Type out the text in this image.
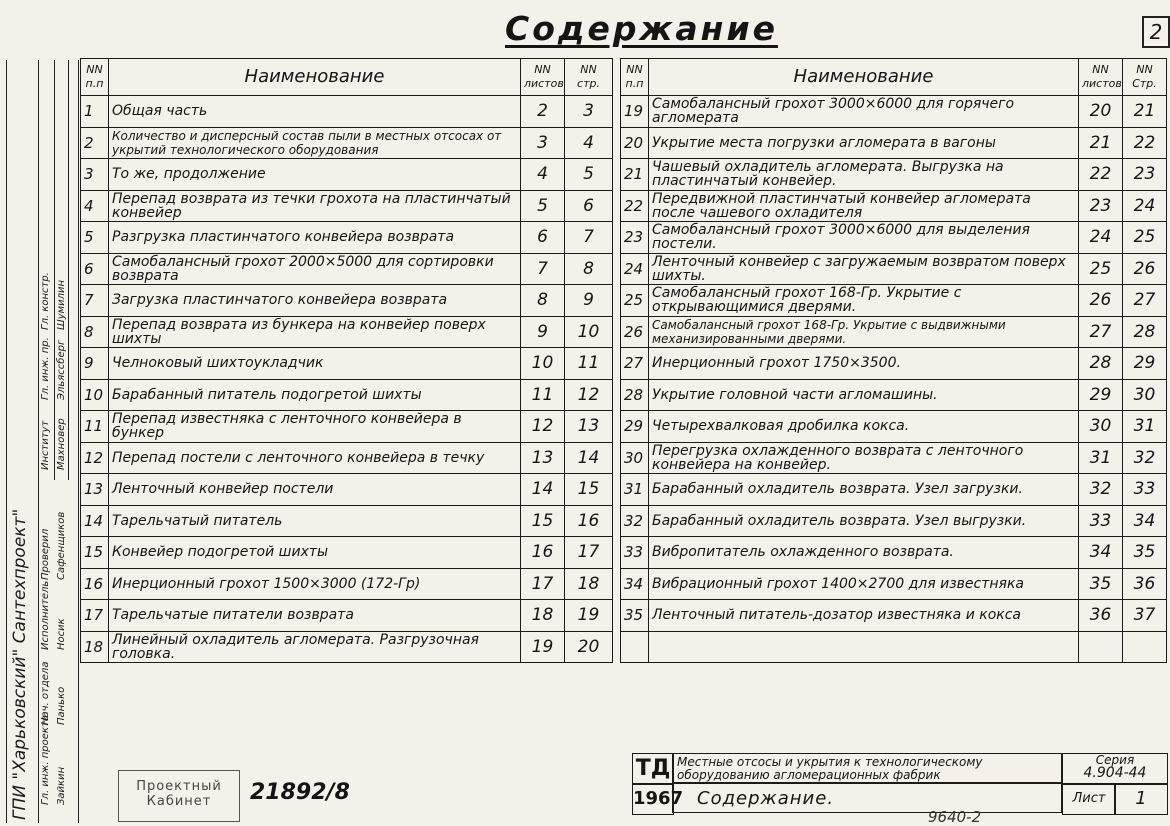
Содержание	2
ГПИ "Харьковский" Сантехпроект" Гл. инж. проекта
Нач. отдела
Исполнитель
Проверил
Зайкин
Панько
Носик
Сафенщиков
Институт
Гл. инж. пр.
Гл. констр.
Махновер
Эльяссберг
Шумилин
NN п.п	Наименование	NN листов	NN стр.
1	Общая часть	2	3
2	Количество и дисперсный состав пыли в местных отсосах от укрытий технологического оборудования	3	4
3	То же, продолжение	4	5
4	Перепад возврата из течки грохота на пластинчатый конвейер	5	6
5	Разгрузка пластинчатого конвейера возврата	6	7
6	Самобалансный грохот 2000×5000 для сортировки возврата	7	8
7	Загрузка пластинчатого конвейера возврата	8	9
8	Перепад возврата из бункера на конвейер поверх шихты	9	10
9	Челноковый шихтоукладчик	10	11
10	Барабанный питатель подогретой шихты	11	12
11	Перепад известняка с ленточного конвейера в бункер	12	13
12	Перепад постели с ленточного конвейера в течку	13	14
13	Ленточный конвейер постели	14	15
14	Тарельчатый питатель	15	16
15	Конвейер подогретой шихты	16	17
16	Инерционный грохот 1500×3000 (172-Гр)	17	18
17	Тарельчатые питатели возврата	18	19
18	Линейный охладитель агломерата. Разгрузочная головка.	19	20
NN п.п	Наименование	NN листов	NN Стр.
19	Самобалансный грохот 3000×6000 для горячего агломерата	20	21
20	Укрытие места погрузки агломерата в вагоны	21	22
21	Чашевый охладитель агломерата. Выгрузка на пластинчатый конвейер.	22	23
22	Передвижной пластинчатый конвейер агломерата после чашевого охладителя	23	24
23	Самобалансный грохот 3000×6000 для выделения постели.	24	25
24	Ленточный конвейер с загружаемым возвратом поверх шихты.	25	26
25	Самобалансный грохот 168-Гр. Укрытие с открывающимися дверями.	26	27
26	Самобалансный грохот 168-Гр. Укрытие с выдвижными механизированными дверями.	27	28
27	Инерционный грохот 1750×3500.	28	29
28	Укрытие головной части агломашины.	29	30
29	Четырехвалковая дробилка кокса.	30	31
30	Перегрузка охлажденного возврата с ленточного конвейера на конвейер.	31	32
31	Барабанный охладитель возврата. Узел загрузки.	32	33
32	Барабанный охладитель возврата. Узел выгрузки.	33	34
33	Вибропитатель охлажденного возврата.	34	35
34	Вибрационный грохот 1400×2700 для известняка	35	36
35	Ленточный питатель-дозатор известняка и кокса	36	37

ТД Местные отсосы и укрытия к технологическому оборудованию агломерационных фабрик
Серия
4.904-44
1967 Содержание.	Лист	1
Проектный
Кабинет	21892/8
9640-2
